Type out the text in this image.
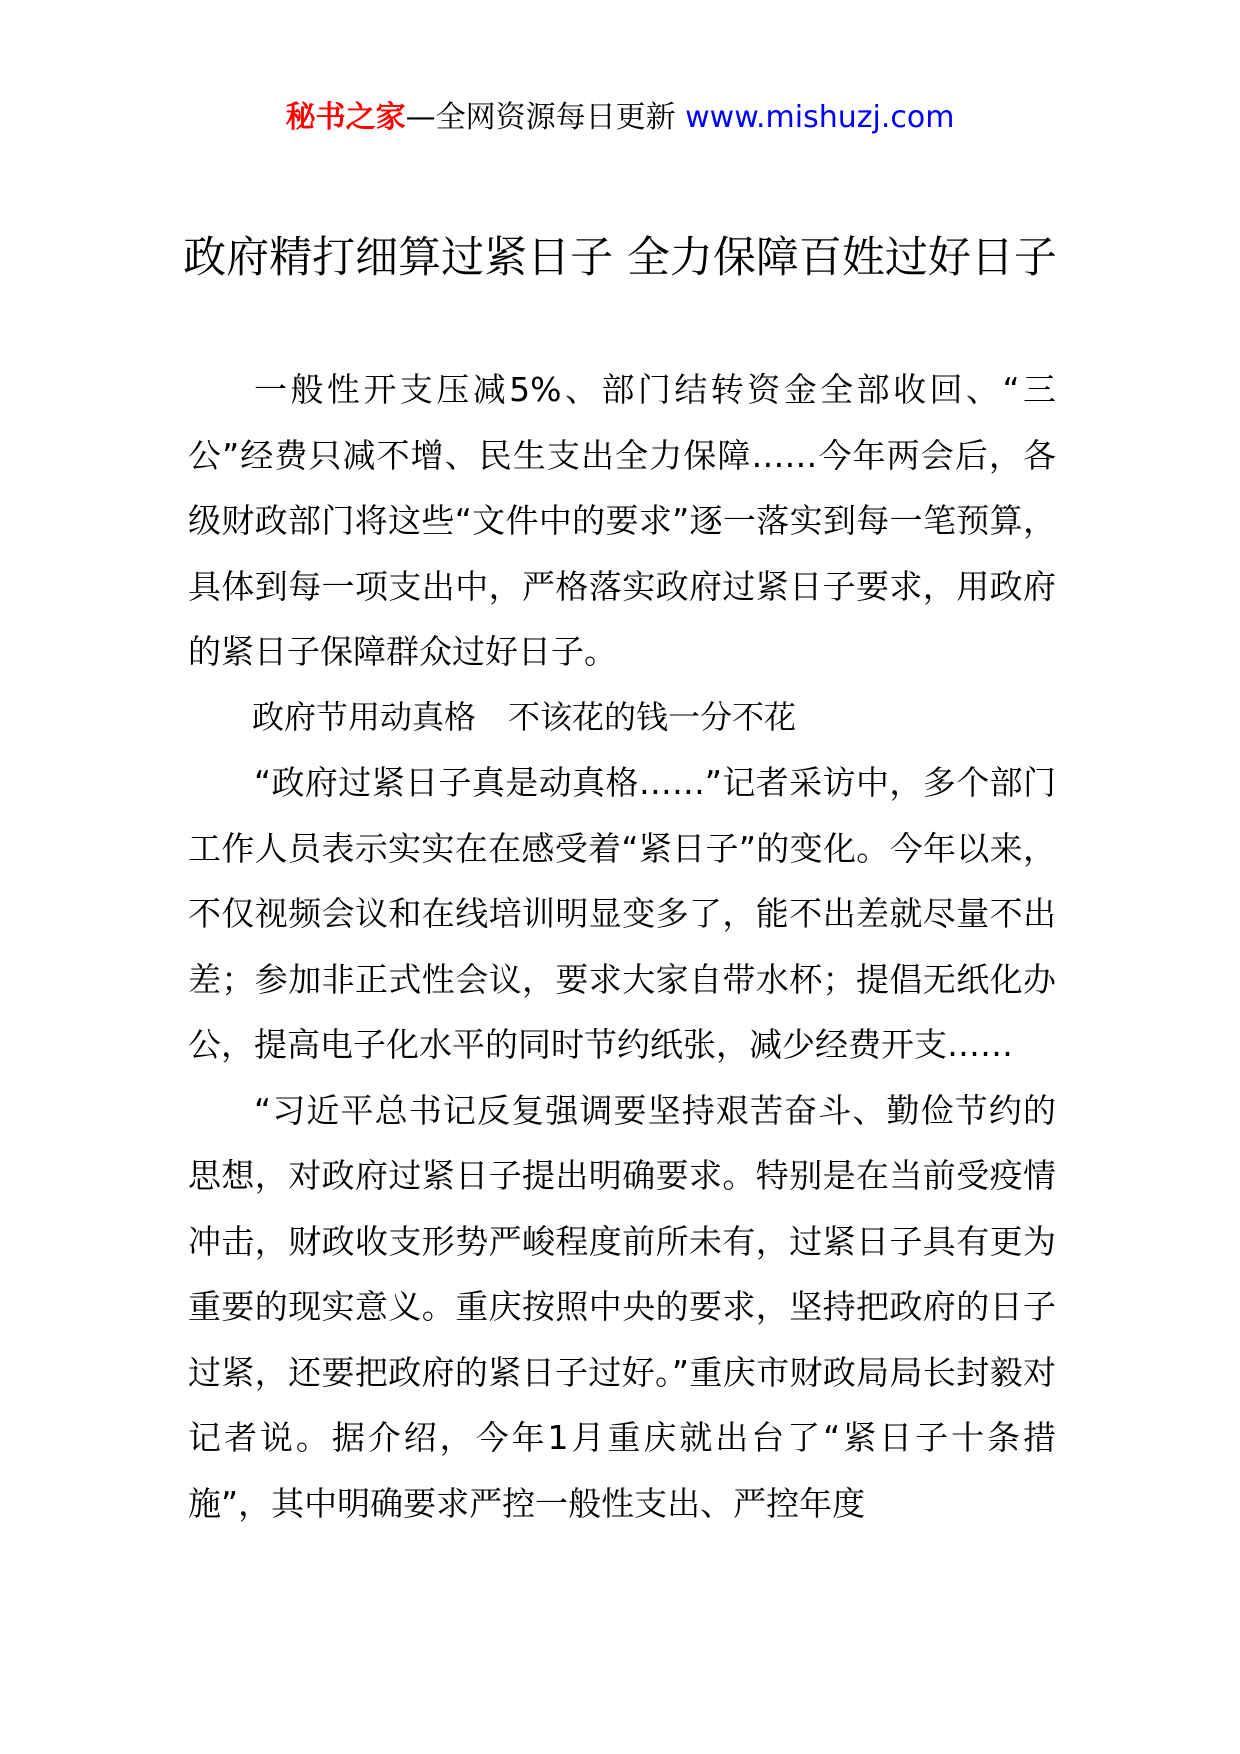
秘书之家—全网资源每日更新 www.mishuzj.com
政府精打细算过紧日子 全力保障百姓过好日子

一般性开支压减5%、部门结转资金全部收回、“三公”经费只减不增、民生支出全力保障……今年两会后，各级财政部门将这些“文件中的要求”逐一落实到每一笔预算，具体到每一项支出中，严格落实政府过紧日子要求，用政府的紧日子保障群众过好日子。

政府节用动真格　不该花的钱一分不花

“政府过紧日子真是动真格……”记者采访中，多个部门工作人员表示实实在在感受着“紧日子”的变化。今年以来，不仅视频会议和在线培训明显变多了，能不出差就尽量不出差；参加非正式性会议，要求大家自带水杯；提倡无纸化办公，提高电子化水平的同时节约纸张，减少经费开支……

“习近平总书记反复强调要坚持艰苦奋斗、勤俭节约的思想，对政府过紧日子提出明确要求。特别是在当前受疫情冲击，财政收支形势严峻程度前所未有，过紧日子具有更为重要的现实意义。重庆按照中央的要求，坚持把政府的日子过紧，还要把政府的紧日子过好。”重庆市财政局局长封毅对记者说。据介绍，今年1月重庆就出台了“紧日子十条措施”，其中明确要求严控一般性支出、严控年度
